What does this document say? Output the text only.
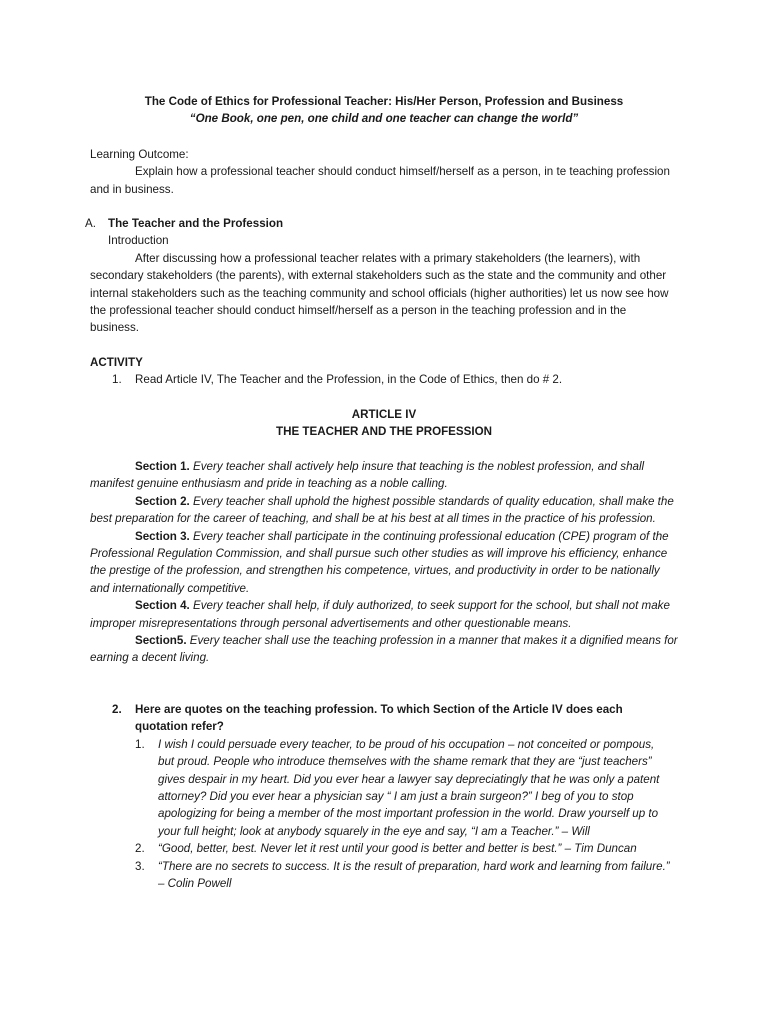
The Code of Ethics for Professional Teacher: His/Her Person, Profession and Business

“One Book, one pen, one child and one teacher can change the world”

Learning Outcome:

Explain how a professional teacher should conduct himself/herself as a person, in te teaching profession and in business.

A. The Teacher and the Profession

Introduction

After discussing how a professional teacher relates with a primary stakeholders (the learners), with secondary stakeholders (the parents), with external stakeholders such as the state and the community and other internal stakeholders such as the teaching community and school officials (higher authorities) let us now see how the professional teacher should conduct himself/herself as a person in the teaching profession and in the business.

ACTIVITY

1. Read Article IV, The Teacher and the Profession, in the Code of Ethics, then do # 2.

ARTICLE IV

THE TEACHER AND THE PROFESSION

Section 1. Every teacher shall actively help insure that teaching is the noblest profession, and shall manifest genuine enthusiasm and pride in teaching as a noble calling.

Section 2. Every teacher shall uphold the highest possible standards of quality education, shall make the best preparation for the career of teaching, and shall be at his best at all times in the practice of his profession.

Section 3. Every teacher shall participate in the continuing professional education (CPE) program of the Professional Regulation Commission, and shall pursue such other studies as will improve his efficiency, enhance the prestige of the profession, and strengthen his competence, virtues, and productivity in order to be nationally and internationally competitive.

Section 4. Every teacher shall help, if duly authorized, to seek support for the school, but shall not make improper misrepresentations through personal advertisements and other questionable means.

Section5. Every teacher shall use the teaching profession in a manner that makes it a dignified means for earning a decent living.

2. Here are quotes on the teaching profession. To which Section of the Article IV does each quotation refer?
1. I wish I could persuade every teacher, to be proud of his occupation – not conceited or pompous, but proud. People who introduce themselves with the shame remark that they are “just teachers” gives despair in my heart. Did you ever hear a lawyer say depreciatingly that he was only a patent attorney? Did you ever hear a physician say “ I am just a brain surgeon?” I beg of you to stop apologizing for being a member of the most important profession in the world. Draw yourself up to your full height; look at anybody squarely in the eye and say, “I am a Teacher.” – Will
2. “Good, better, best. Never let it rest until your good is better and better is best.” – Tim Duncan
3. “There are no secrets to success. It is the result of preparation, hard work and learning from failure.” – Colin Powell
